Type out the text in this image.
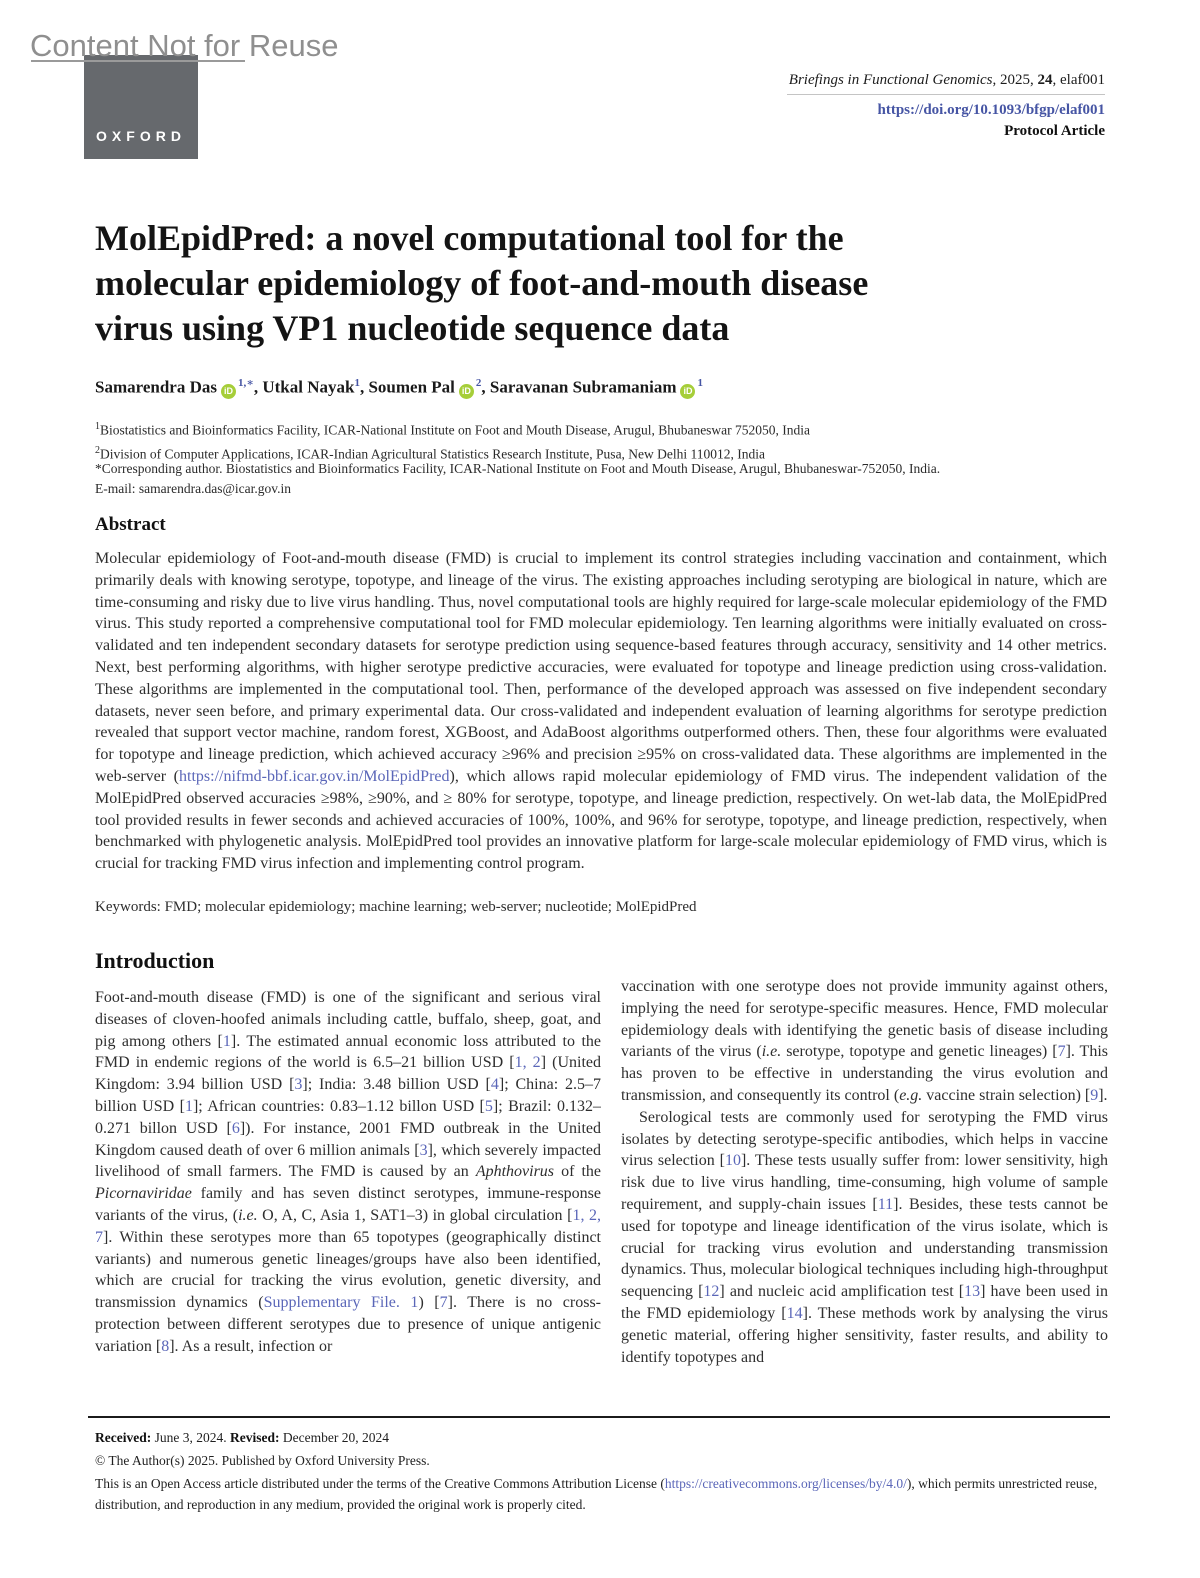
Content Not for Reuse
OXFORD
Briefings in Functional Genomics, 2025, 24, elaf001
https://doi.org/10.1093/bfgp/elaf001
Protocol Article
MolEpidPred: a novel computational tool for the
molecular epidemiology of foot-and-mouth disease
virus using VP1 nucleotide sequence data
Samarendra Das $iD^{1,∗}$, Utkal Nayak$^1$, Soumen Pal $iD^2$, Saravanan Subramaniam $iD^1$
$^1$Biostatistics and Bioinformatics Facility, ICAR-National Institute on Foot and Mouth Disease, Arugul, Bhubaneswar 752050, India
$^2$Division of Computer Applications, ICAR-Indian Agricultural Statistics Research Institute, Pusa, New Delhi 110012, India
*Corresponding author. Biostatistics and Bioinformatics Facility, ICAR-National Institute on Foot and Mouth Disease, Arugul, Bhubaneswar-752050, India.
E-mail: samarendra.das@icar.gov.in
Abstract
Molecular epidemiology of Foot-and-mouth disease (FMD) is crucial to implement its control strategies including vaccination and containment, which primarily deals with knowing serotype, topotype, and lineage of the virus. The existing approaches including serotyping are biological in nature, which are time-consuming and risky due to live virus handling. Thus, novel computational tools are highly required for large-scale molecular epidemiology of the FMD virus. This study reported a comprehensive computational tool for FMD molecular epidemiology. Ten learning algorithms were initially evaluated on cross-validated and ten independent secondary datasets for serotype prediction using sequence-based features through accuracy, sensitivity and 14 other metrics. Next, best performing algorithms, with higher serotype predictive accuracies, were evaluated for topotype and lineage prediction using cross-validation. These algorithms are implemented in the computational tool. Then, performance of the developed approach was assessed on five independent secondary datasets, never seen before, and primary experimental data. Our cross-validated and independent evaluation of learning algorithms for serotype prediction revealed that support vector machine, random forest, XGBoost, and AdaBoost algorithms outperformed others. Then, these four algorithms were evaluated for topotype and lineage prediction, which achieved accuracy ≥96% and precision ≥95% on cross-validated data. These algorithms are implemented in the web-server (https://nifmd-bbf.icar.gov.in/MolEpidPred), which allows rapid molecular epidemiology of FMD virus. The independent validation of the MolEpidPred observed accuracies ≥98%, ≥90%, and ≥ 80% for serotype, topotype, and lineage prediction, respectively. On wet-lab data, the MolEpidPred tool provided results in fewer seconds and achieved accuracies of 100%, 100%, and 96% for serotype, topotype, and lineage prediction, respectively, when benchmarked with phylogenetic analysis. MolEpidPred tool provides an innovative platform for large-scale molecular epidemiology of FMD virus, which is crucial for tracking FMD virus infection and implementing control program.
Keywords: FMD; molecular epidemiology; machine learning; web-server; nucleotide; MolEpidPred
Introduction

Foot-and-mouth disease (FMD) is one of the significant and serious viral diseases of cloven-hoofed animals including cattle, buffalo, sheep, goat, and pig among others [1]. The estimated annual economic loss attributed to the FMD in endemic regions of the world is 6.5–21 billion USD [1, 2] (United Kingdom: 3.94 billion USD [3]; India: 3.48 billion USD [4]; China: 2.5–7 billion USD [1]; African countries: 0.83–1.12 billon USD [5]; Brazil: 0.132–0.271 billon USD [6]). For instance, 2001 FMD outbreak in the United Kingdom caused death of over 6 million animals [3], which severely impacted livelihood of small farmers. The FMD is caused by an Aphthovirus of the Picornaviridae family and has seven distinct serotypes, immune-response variants of the virus, (i.e. O, A, C, Asia 1, SAT1–3) in global circulation [1, 2, 7]. Within these serotypes more than 65 topotypes (geographically distinct variants) and numerous genetic lineages/groups have also been identified, which are crucial for tracking the virus evolution, genetic diversity, and transmission dynamics (Supplementary File. 1) [7]. There is no cross-protection between different serotypes due to presence of unique antigenic variation [8]. As a result, infection or

vaccination with one serotype does not provide immunity against others, implying the need for serotype-specific measures. Hence, FMD molecular epidemiology deals with identifying the genetic basis of disease including variants of the virus (i.e. serotype, topotype and genetic lineages) [7]. This has proven to be effective in understanding the virus evolution and transmission, and consequently its control (e.g. vaccine strain selection) [9].

Serological tests are commonly used for serotyping the FMD virus isolates by detecting serotype-specific antibodies, which helps in vaccine virus selection [10]. These tests usually suffer from: lower sensitivity, high risk due to live virus handling, time-consuming, high volume of sample requirement, and supply-chain issues [11]. Besides, these tests cannot be used for topotype and lineage identification of the virus isolate, which is crucial for tracking virus evolution and understanding transmission dynamics. Thus, molecular biological techniques including high-throughput sequencing [12] and nucleic acid amplification test [13] have been used in the FMD epidemiology [14]. These methods work by analysing the virus genetic material, offering higher sensitivity, faster results, and ability to identify topotypes and

Received: June 3, 2024. Revised: December 20, 2024
© The Author(s) 2025. Published by Oxford University Press.
This is an Open Access article distributed under the terms of the Creative Commons Attribution License (https://creativecommons.org/licenses/by/4.0/), which permits unrestricted reuse, distribution, and reproduction in any medium, provided the original work is properly cited.
